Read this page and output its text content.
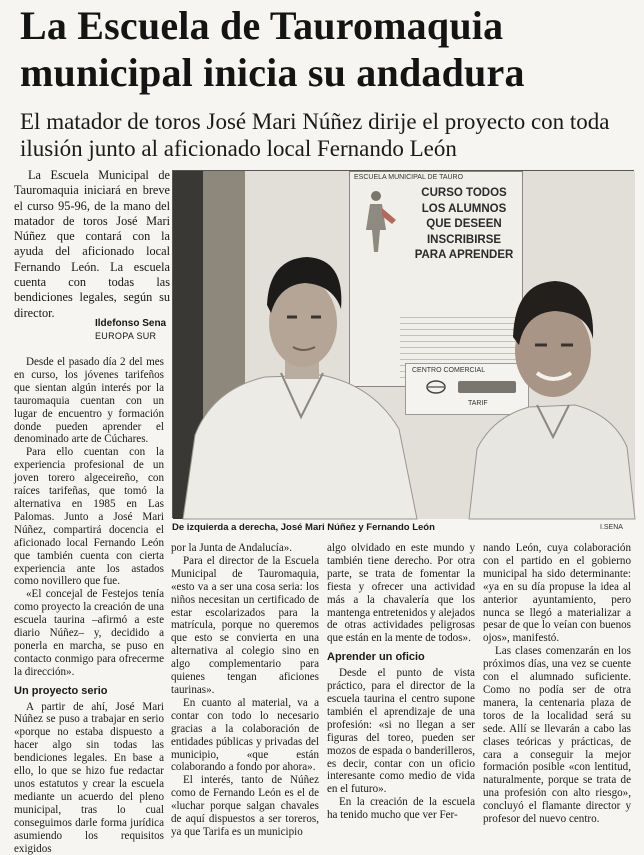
La Escuela de Tauromaquia municipal inicia su andadura
El matador de toros José Mari Núñez dirije el proyecto con toda ilusión junto al aficionado local Fernando León

La Escuela Municipal de Tauromaquia iniciará en breve el curso 95-96, de la mano del matador de toros José Mari Núñez que contará con la ayuda del aficionado local Fernando León. La escuela cuenta con todas las bendiciones legales, según su director.

Ildefonso Sena
EUROPA SUR
ESCUELA MUNICIPAL DE TAURO
CURSO TODOS LOS ALUMNOS QUE DESEEN INSCRIBIRSE PARA APRENDER
CENTRO COMERCIAL
TARIF
De izquierda a derecha, José Mari Núñez y Fernando León	I.SENA

Desde el pasado día 2 del mes en curso, los jóvenes tarifeños que sientan algún interés por la tauromaquia cuentan con un lugar de encuentro y formación donde pueden aprender el denominado arte de Cúchares.

Para ello cuentan con la experiencia profesional de un joven torero algeceireño, con raíces tarifeñas, que tomó la alternativa en 1985 en Las Palomas. Junto a José Mari Núñez, compartirá docencia el aficionado local Fernando León que también cuenta con cierta experiencia ante los astados como novillero que fue.

«El concejal de Festejos tenía como proyecto la creación de una escuela taurina –afirmó a este diario Núñez– y, decidido a ponerla en marcha, se puso en contacto conmigo para ofrecerme la dirección».

Un proyecto serio

A partir de ahí, José Mari Núñez se puso a trabajar en serio «porque no estaba dispuesto a hacer algo sin todas las bendiciones legales. En base a ello, lo que se hizo fue redactar unos estatutos y crear la escuela mediante un acuerdo del pleno municipal, tras lo cual conseguimos darle forma jurídica asumiendo los requisitos exigidos

por la Junta de Andalucía».

Para el director de la Escuela Municipal de Tauromaquia, «esto va a ser una cosa seria: los niños necesitan un certificado de estar escolarizados para la matrícula, porque no queremos que esto se convierta en una alternativa al colegio sino en algo complementario para quienes tengan aficiones taurinas».

En cuanto al material, va a contar con todo lo necesario gracias a la colaboración de entidades públicas y privadas del municipio, «que están colaborando a fondo por ahora».

El interés, tanto de Núñez como de Fernando León es el de «luchar porque salgan chavales de aquí dispuestos a ser toreros, ya que Tarifa es un municipio

algo olvidado en este mundo y también tiene derecho. Por otra parte, se trata de fomentar la fiesta y ofrecer una actividad más a la chavalería que los mantenga entretenidos y alejados de otras actividades peligrosas que están en la mente de todos».

Aprender un oficio

Desde el punto de vista práctico, para el director de la escuela taurina el centro supone también el aprendizaje de una profesión: «si no llegan a ser figuras del toreo, pueden ser mozos de espada o banderilleros, es decir, contar con un oficio interesante como medio de vida en el futuro».

En la creación de la escuela ha tenido mucho que ver Fer-

nando León, cuya colaboración con el partido en el gobierno municipal ha sido determinante: «ya en su día propuse la idea al anterior ayuntamiento, pero nunca se llegó a materializar a pesar de que lo veían con buenos ojos», manifestó.

Las clases comenzarán en los próximos días, una vez se cuente con el alumnado suficiente. Como no podía ser de otra manera, la centenaria plaza de toros de la localidad será su sede. Allí se llevarán a cabo las clases teóricas y prácticas, de cara a conseguir la mejor formación posible «con lentitud, naturalmente, porque se trata de una profesión con alto riesgo», concluyó el flamante director y profesor del nuevo centro.
